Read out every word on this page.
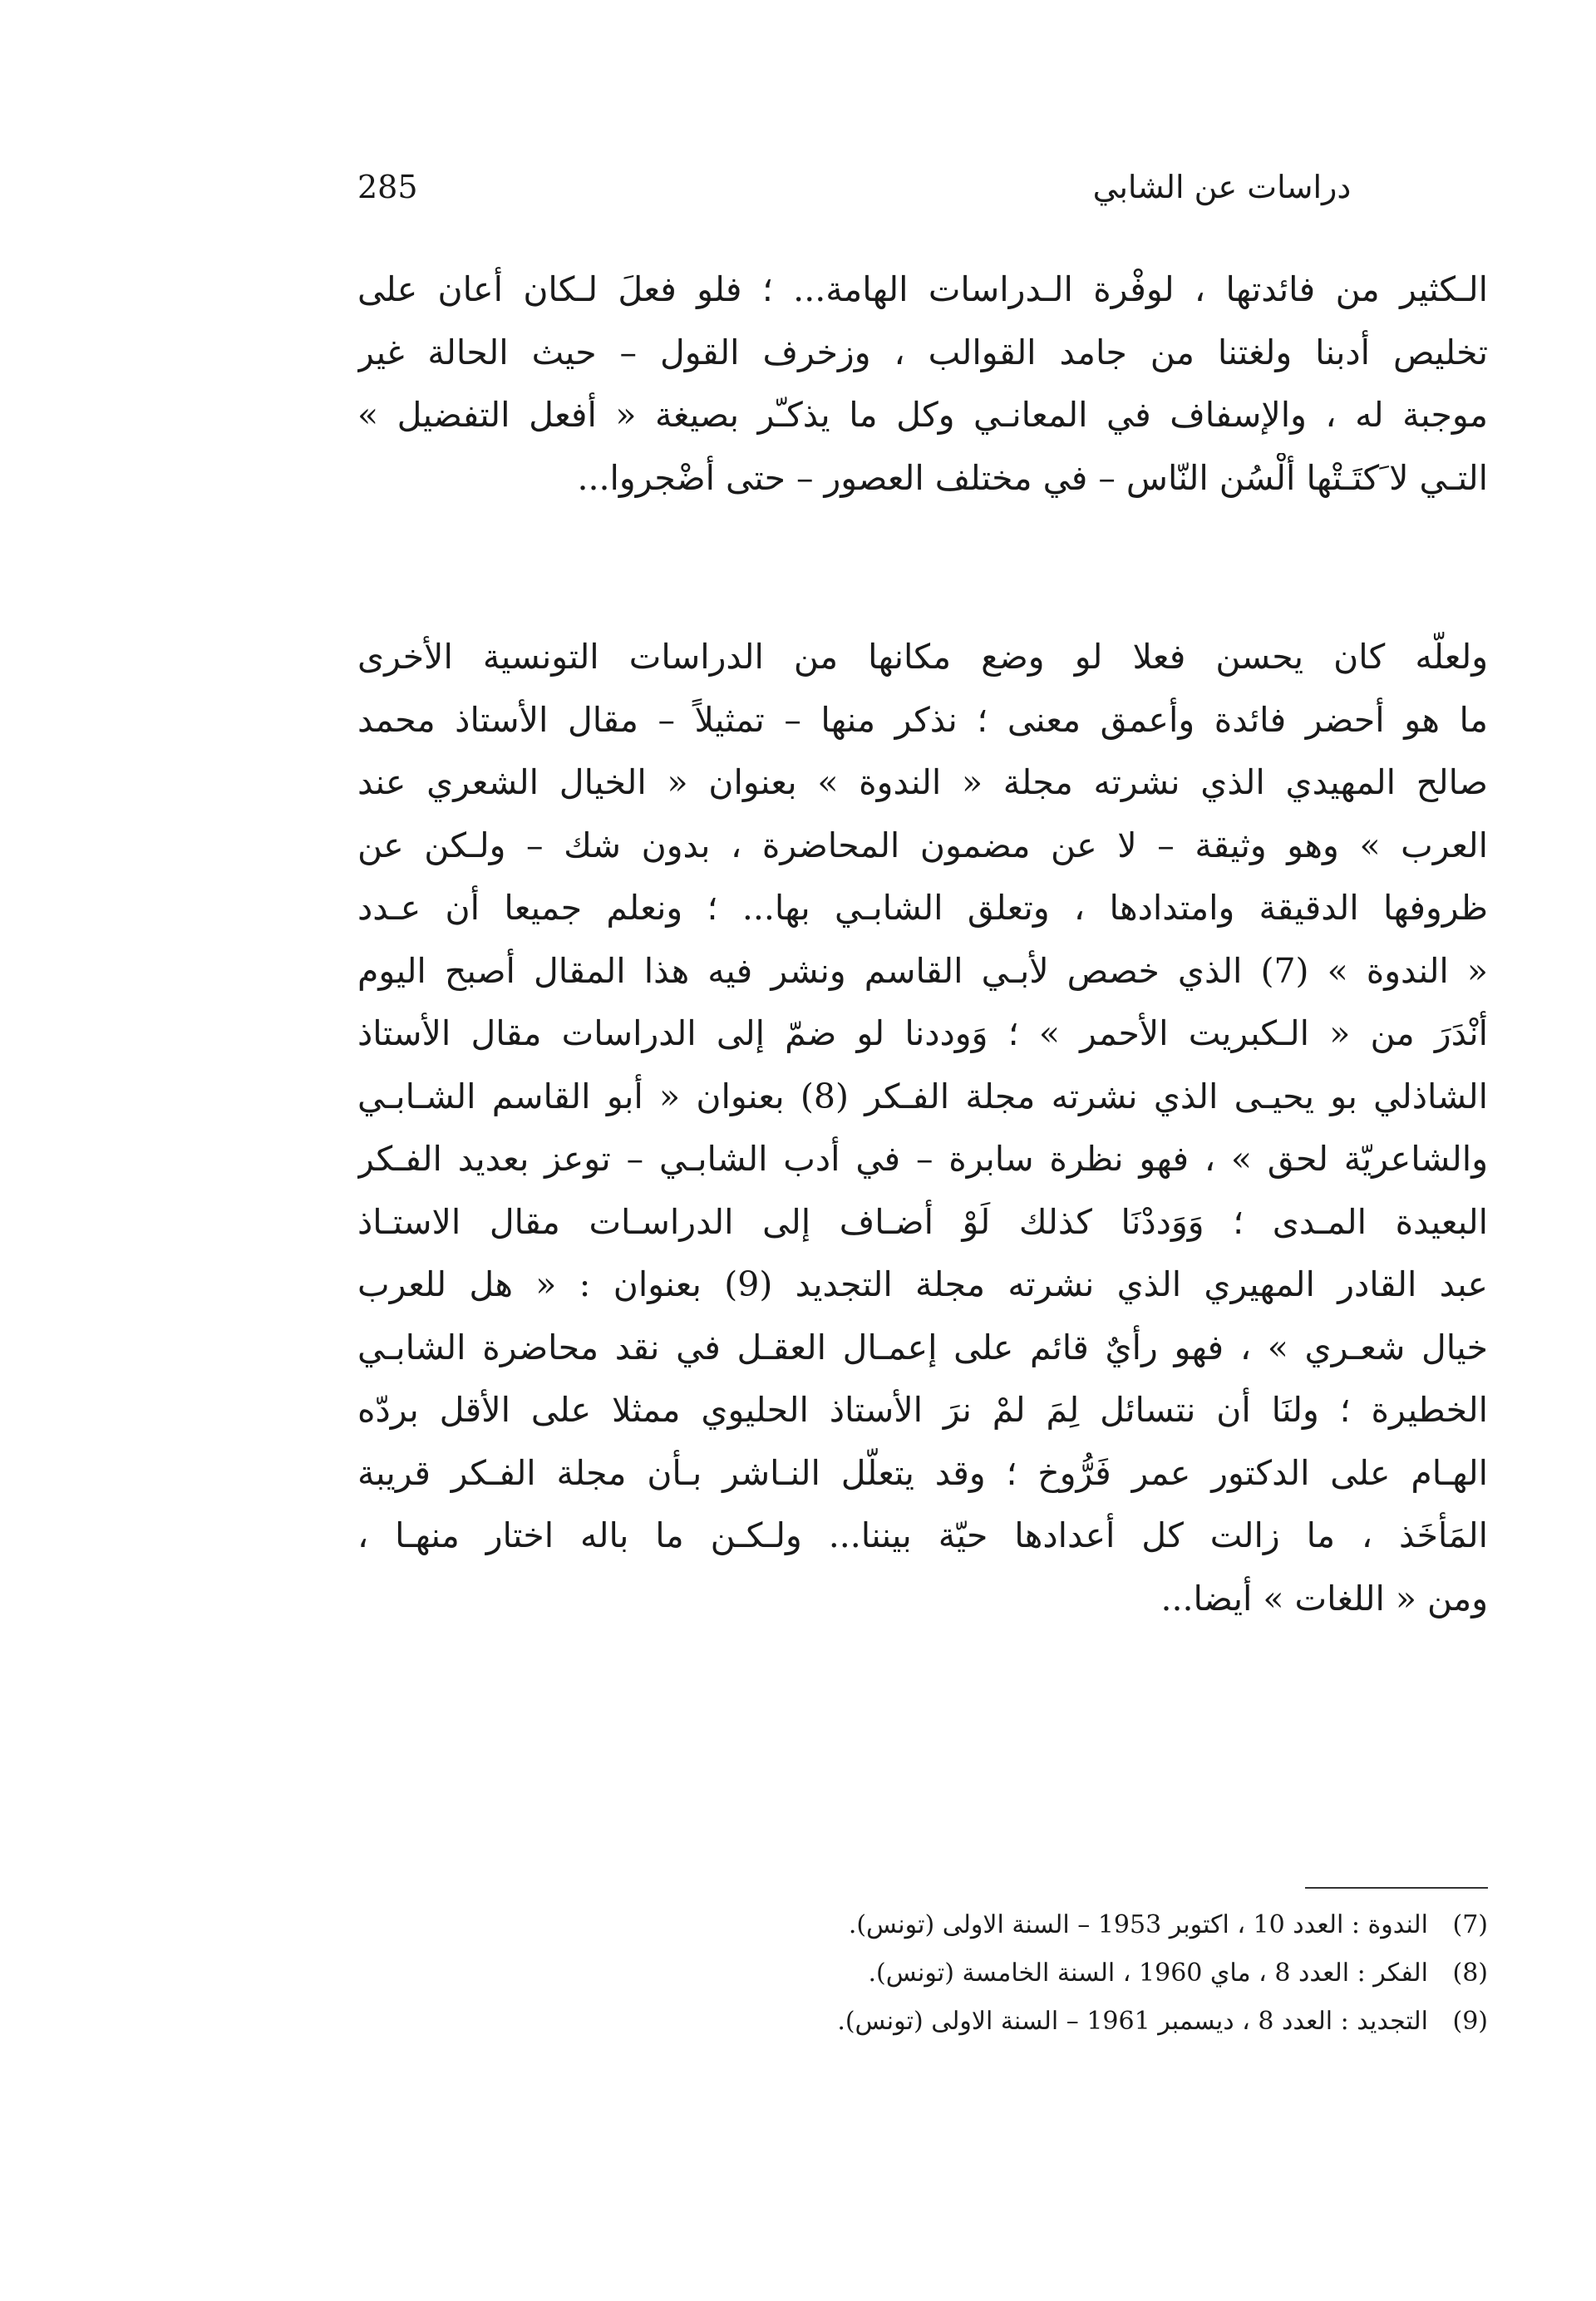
دراسات عن الشابي
285
الـكثير من فائدتها ، لوفْرة الـدراسات الهامة... ؛ فلو فعلَ لـكان أعان على
تخليص أدبنا ولغتنا من جامد القوالب ، وزخرف القول – حيث الحالة غير
موجبة له ، والإسفاف في المعانـي وكل ما يذكـّر بصيغة « أفعل التفضيل »
التـي لا َكتَـتْها ألْسُن النّاس – في مختلف العصور – حتى أضْجروا...
ولعلّه كان يحسن فعلا لو وضع مكانها من الدراسات التونسية الأخرى
ما هو أحضر فائدة وأعمق معنى ؛ نذكر منها – تمثيلاً – مقال الأستاذ محمد
صالح المهيدي الذي نشرته مجلة « الندوة » بعنوان « الخيال الشعري عند
العرب » وهو وثيقة – لا عن مضمون المحاضرة ، بدون شك – ولـكن عن
ظروفها الدقيقة وامتدادها ، وتعلق الشابـي بها... ؛ ونعلم جميعا أن عـدد
« الندوة » (7) الذي خصص لأبـي القاسم ونشر فيه هذا المقال أصبح اليوم
أنْدَرَ من « الـكبريت الأحمر » ؛ وَوددنا لو ضمّ إلى الدراسات مقال الأستاذ
الشاذلي بو يحيـى الذي نشرته مجلة الفـكر (8) بعنوان « أبو القاسم الشـابـي
والشاعريّة لحق » ، فهو نظرة سابرة – في أدب الشابـي – توعز بعديد الفـكر
البعيدة المـدى ؛ وَوَددْنَا كذلك لَوْ أضـاف إلى الدراسـات مقال الاستـاذ
عبد القادر المهيري الذي نشرته مجلة التجديد (9) بعنوان : « هل للعرب
خيال شعـري » ، فهو رأيٌ قائم على إعمـال العقـل في نقد محاضرة الشابـي
الخطيرة ؛ ولنَا أن نتسائل لِمَ لمْ نرَ الأستاذ الحليوي ممثلا على الأقل بردّه
الهـام على الدكتور عمر فَرُّوخ ؛ وقد يتعلّل النـاشر بـأن مجلة الفـكر قريبة
المَأخَذ ، ما زالت كل أعدادها حيّة بيننا... ولـكـن ما باله اختار منهـا ،
ومن « اللغات » أيضا...
(7)
الندوة : العدد 10 ، اكتوبر 1953 – السنة الاولى (تونس).
(8)
الفكر : العدد 8 ، ماي 1960 ، السنة الخامسة (تونس).
(9)
التجديد : العدد 8 ، ديسمبر 1961 – السنة الاولى (تونس).
